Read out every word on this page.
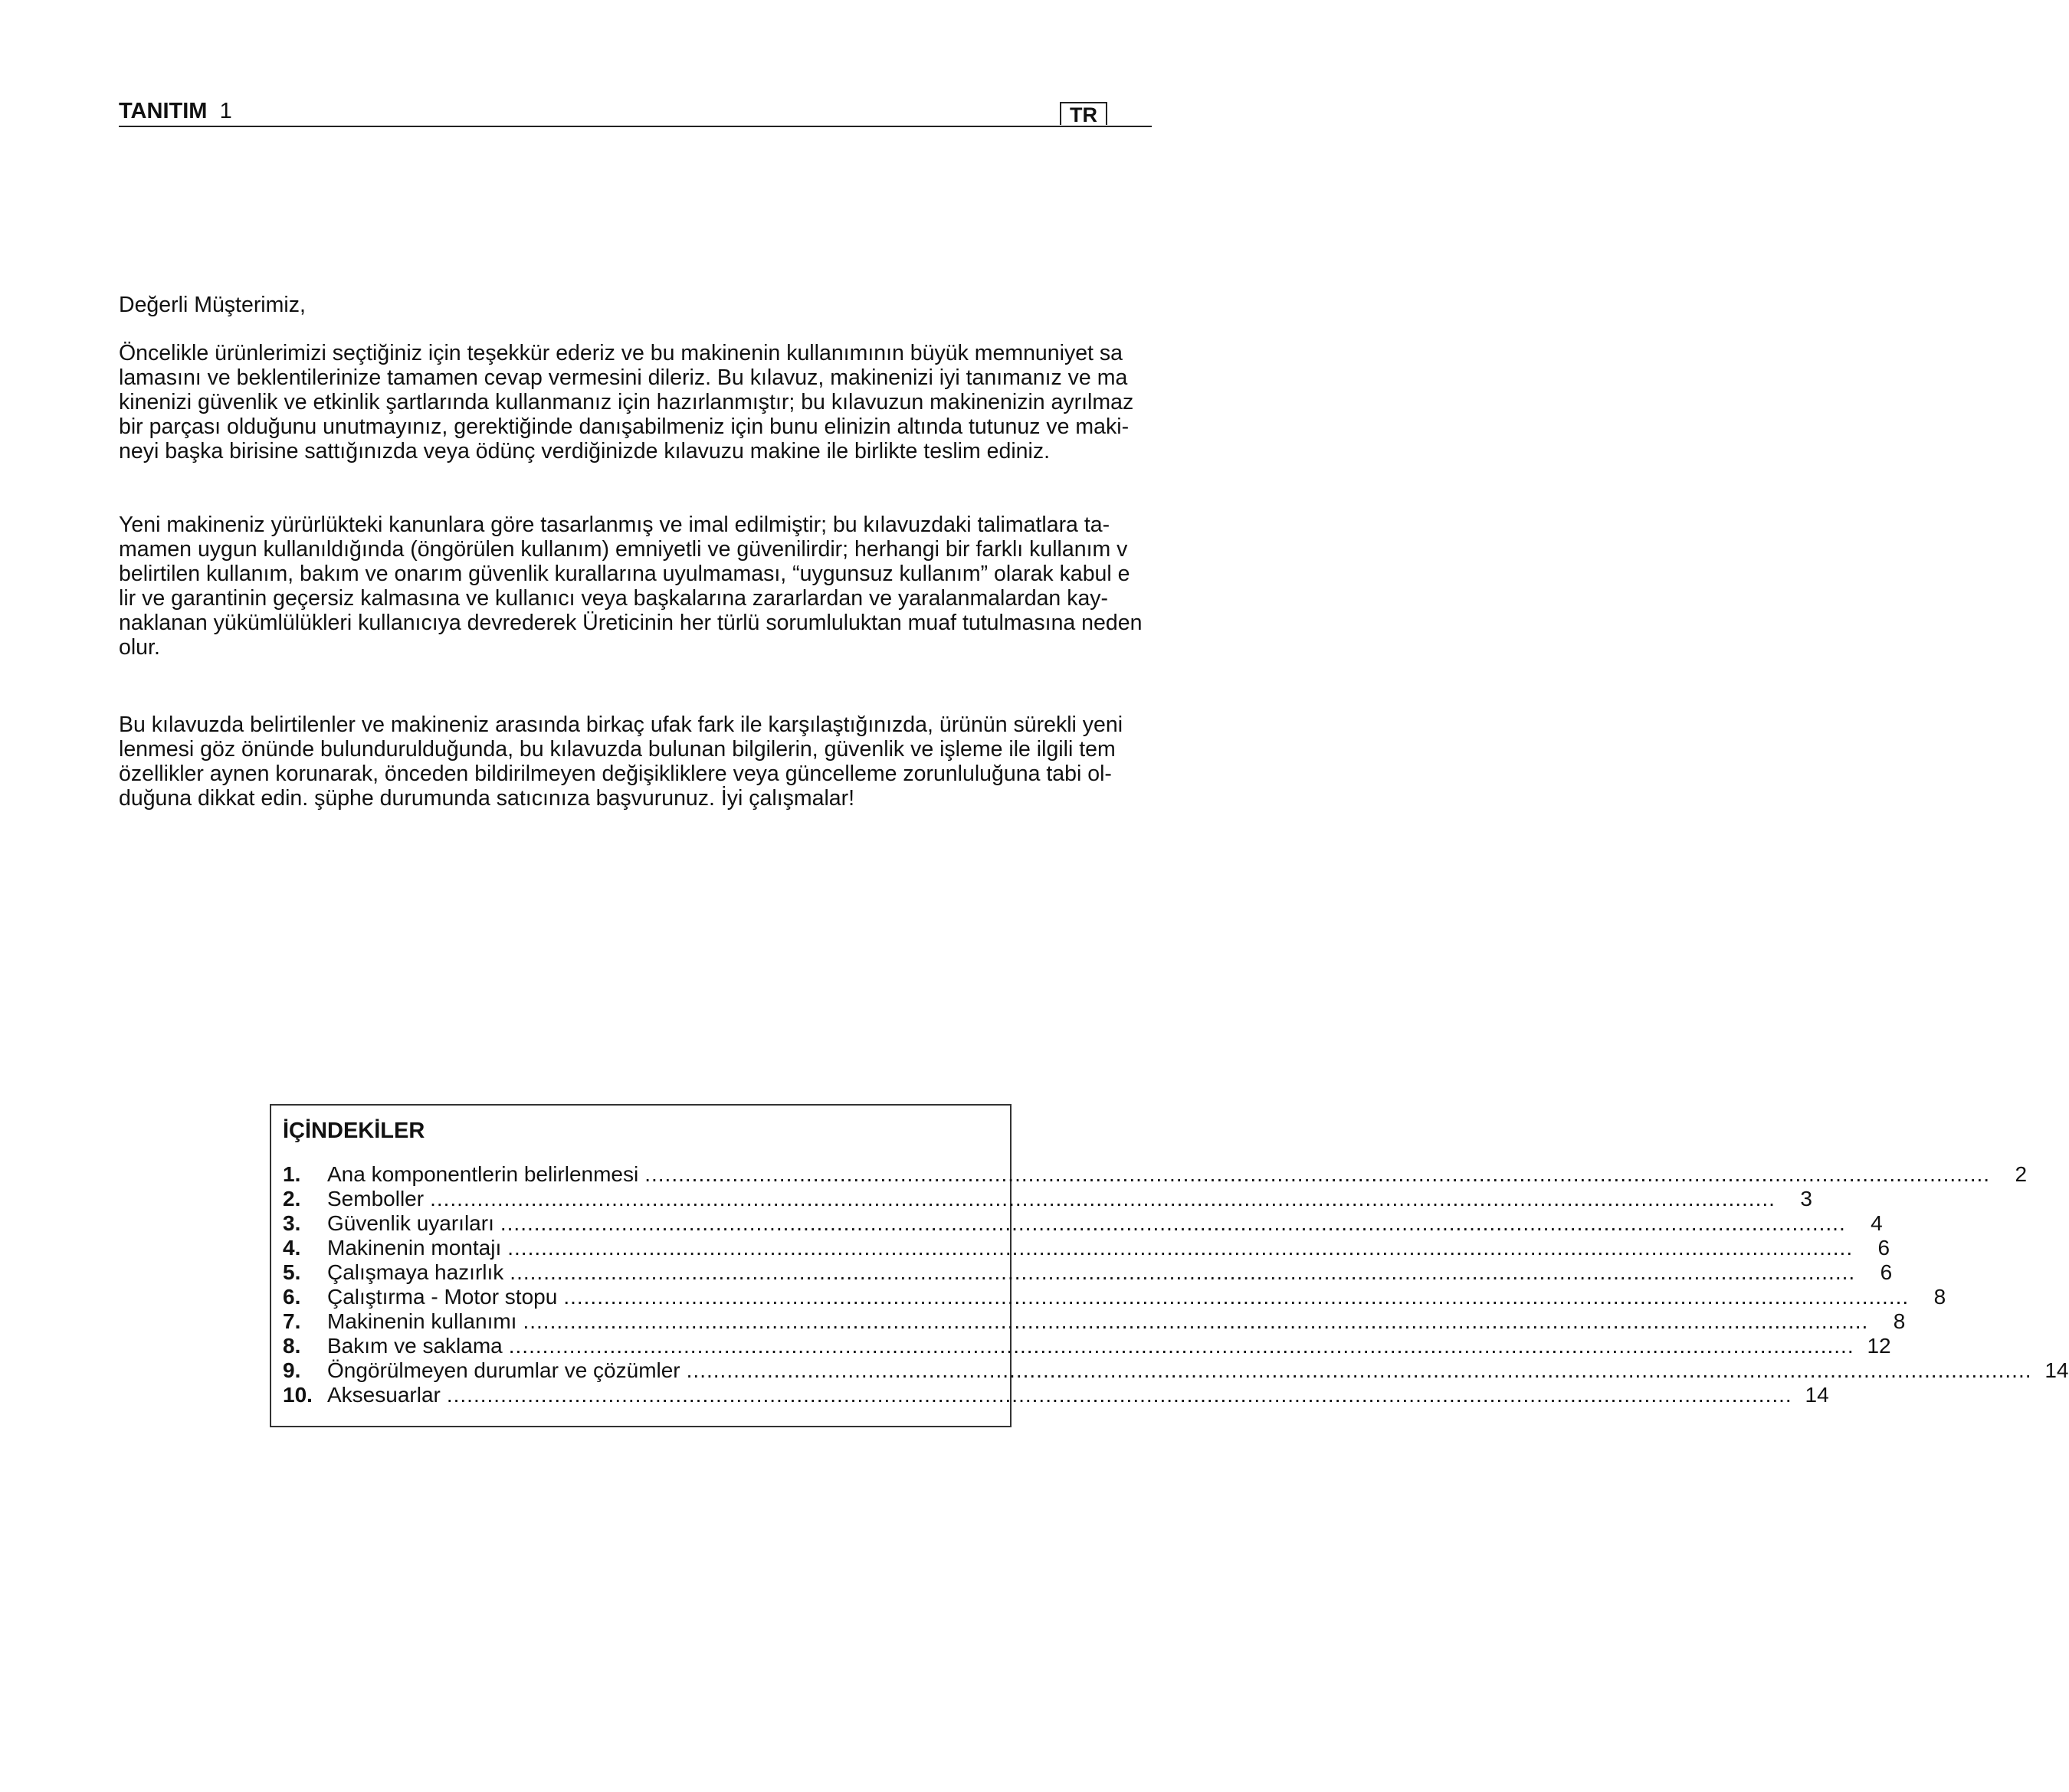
TANITIM 1	TR

Değerli Müşterimiz,

Öncelikle ürünlerimizi seçtiğiniz için teşekkür ederiz ve bu makinenin kullanımının büyük memnuniyet sa
lamasını ve beklentilerinize tamamen cevap vermesini dileriz. Bu kılavuz, makinenizi iyi tanımanız ve ma
kinenizi güvenlik ve etkinlik şartlarında kullanmanız için hazırlanmıştır; bu kılavuzun makinenizin ayrılmaz
bir parçası olduğunu unutmayınız, gerektiğinde danışabilmeniz için bunu elinizin altında tutunuz ve maki-
neyi başka birisine sattığınızda veya ödünç verdiğinizde kılavuzu makine ile birlikte teslim ediniz.

Yeni makineniz yürürlükteki kanunlara göre tasarlanmış ve imal edilmiştir; bu kılavuzdaki talimatlara ta-
mamen uygun kullanıldığında (öngörülen kullanım) emniyetli ve güvenilirdir; herhangi bir farklı kullanım v
belirtilen kullanım, bakım ve onarım güvenlik kurallarına uyulmaması, “uygunsuz kullanım” olarak kabul e
lir ve garantinin geçersiz kalmasına ve kullanıcı veya başkalarına zararlardan ve yaralanmalardan kay-
naklanan yükümlülükleri kullanıcıya devrederek Üreticinin her türlü sorumluluktan muaf tutulmasına neden
olur.

Bu kılavuzda belirtilenler ve makineniz arasında birkaç ufak fark ile karşılaştığınızda, ürünün sürekli yeni
lenmesi göz önünde bulundurulduğunda, bu kılavuzda bulunan bilgilerin, güvenlik ve işleme ile ilgili tem
özellikler aynen korunarak, önceden bildirilmeyen değişikliklere veya güncelleme zorunluluğuna tabi ol-
duğuna dikkat edin. şüphe durumunda satıcınıza başvurunuz. İyi çalışmalar!

İÇİNDEKİLER
1.	Ana komponentlerin belirlenmesi ........................................................................................................................................................................................................	2
2.	Semboller ........................................................................................................................................................................................................	3
3.	Güvenlik uyarıları ........................................................................................................................................................................................................	4
4.	Makinenin montajı ........................................................................................................................................................................................................	6
5.	Çalışmaya hazırlık ........................................................................................................................................................................................................	6
6.	Çalıştırma - Motor stopu ........................................................................................................................................................................................................	8
7.	Makinenin kullanımı ........................................................................................................................................................................................................	8
8.	Bakım ve saklama ........................................................................................................................................................................................................ 12
9.	Öngörülmeyen durumlar ve çözümler ........................................................................................................................................................................................................ 14
10. Aksesuarlar ........................................................................................................................................................................................................ 14
